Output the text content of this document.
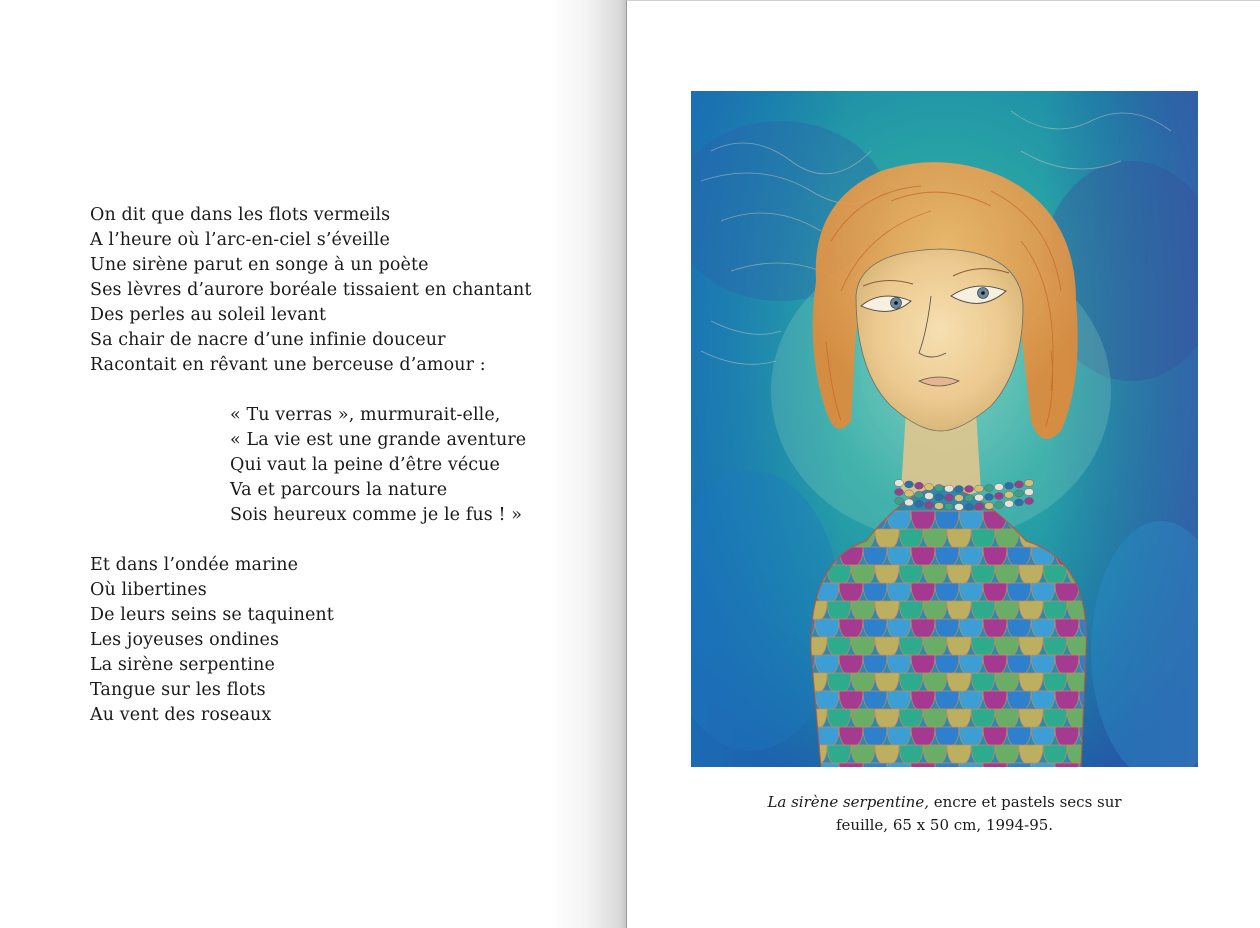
On dit que dans les flots vermeils
A l’heure où l’arc-en-ciel s’éveille
Une sirène parut en songe à un poète
Ses lèvres d’aurore boréale tissaient en chantant
Des perles au soleil levant
Sa chair de nacre d’une infinie douceur
Racontait en rêvant une berceuse d’amour :
« Tu verras », murmurait-elle,
« La vie est une grande aventure
Qui vaut la peine d’être vécue
Va et parcours la nature
Sois heureux comme je le fus ! »
Et dans l’ondée marine
Où libertines
De leurs seins se taquinent
Les joyeuses ondines
La sirène serpentine
Tangue sur les flots
Au vent des roseaux
La sirène serpentine, encre et pastels secs sur
feuille, 65 x 50 cm, 1994-95.
